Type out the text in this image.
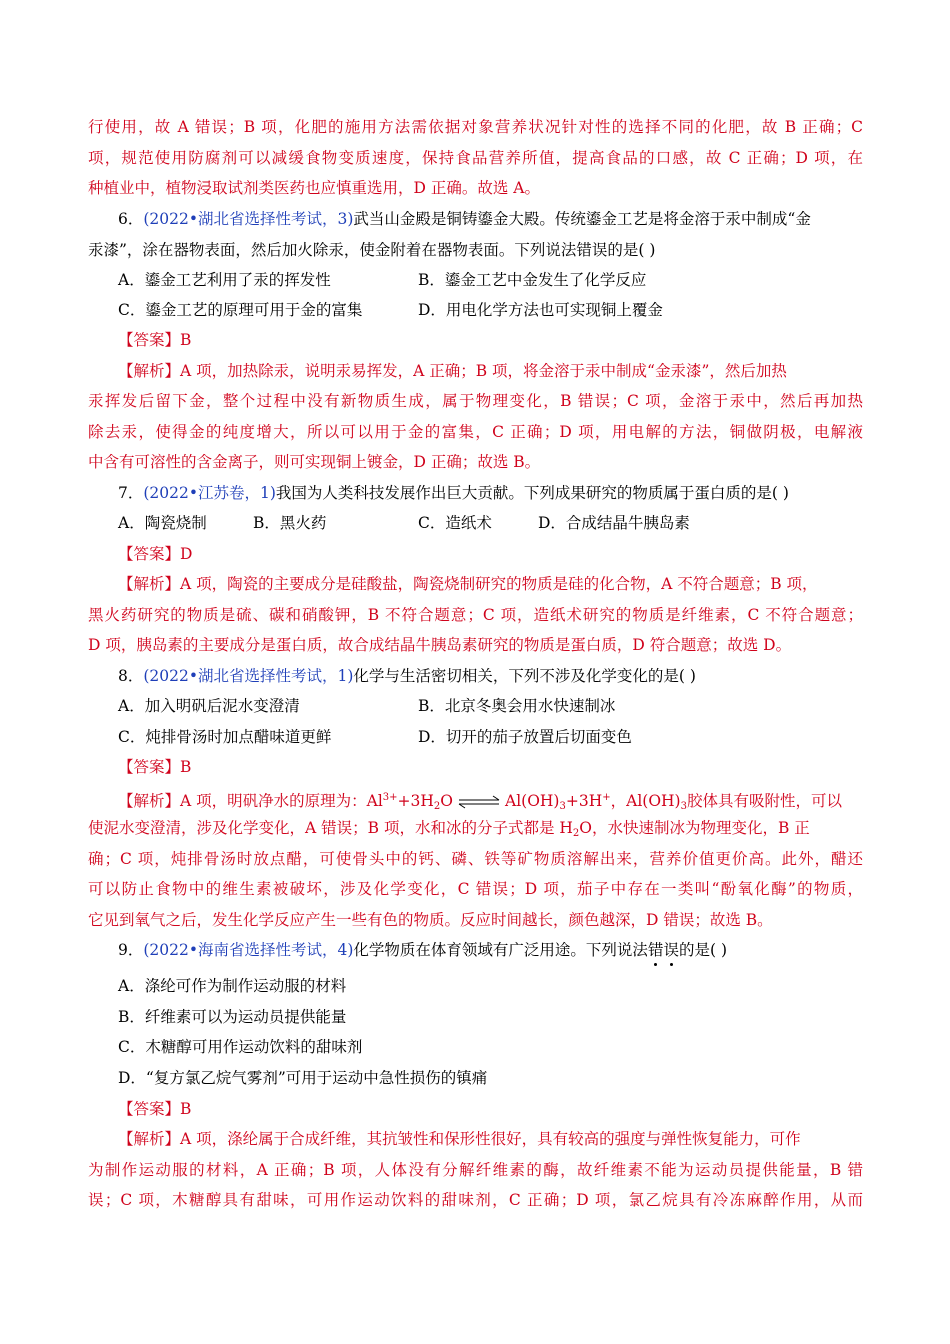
行使用，故 A 错误；B 项，化肥的施用方法需依据对象营养状况针对性的选择不同的化肥，故 B 正确；C
项，规范使用防腐剂可以减缓食物变质速度，保持食品营养所值，提高食品的口感，故 C 正确；D 项，在
种植业中，植物浸取试剂类医药也应慎重选用，D 正确。故选 A。
6．(2022•湖北省选择性考试，3)武当山金殿是铜铸鎏金大殿。传统鎏金工艺是将金溶于汞中制成“金
汞漆”，涂在器物表面，然后加火除汞，使金附着在器物表面。下列说法错误的是( )
A．鎏金工艺利用了汞的挥发性	B．鎏金工艺中金发生了化学反应
C．鎏金工艺的原理可用于金的富集	D．用电化学方法也可实现铜上覆金
【答案】B
【解析】A 项，加热除汞，说明汞易挥发，A 正确；B 项，将金溶于汞中制成“金汞漆”，然后加热
汞挥发后留下金，整个过程中没有新物质生成，属于物理变化，B 错误；C 项，金溶于汞中，然后再加热
除去汞，使得金的纯度增大，所以可以用于金的富集，C 正确；D 项，用电解的方法，铜做阴极，电解液
中含有可溶性的含金离子，则可实现铜上镀金，D 正确；故选 B。
7．(2022•江苏卷，1)我国为人类科技发展作出巨大贡献。下列成果研究的物质属于蛋白质的是( )
A．陶瓷烧制	B．黑火药	C．造纸术	D．合成结晶牛胰岛素
【答案】D
【解析】A 项，陶瓷的主要成分是硅酸盐，陶瓷烧制研究的物质是硅的化合物，A 不符合题意；B 项，
黑火药研究的物质是硫、碳和硝酸钾，B 不符合题意；C 项，造纸术研究的物质是纤维素，C 不符合题意；
D 项，胰岛素的主要成分是蛋白质，故合成结晶牛胰岛素研究的物质是蛋白质，D 符合题意；故选 D。
8．(2022•湖北省选择性考试，1)化学与生活密切相关，下列不涉及化学变化的是( )
A．加入明矾后泥水变澄清	B．北京冬奥会用水快速制冰
C．炖排骨汤时加点醋味道更鲜	D．切开的茄子放置后切面变色
【答案】B
【解析】A 项，明矾净水的原理为：$Al^{3+}+3H_2O$ ⇌ $Al(OH)_3+3H^+$，$Al(OH)_3$胶体具有吸附性，可以
使泥水变澄清，涉及化学变化，A 错误；B 项，水和冰的分子式都是 $H_2O$，水快速制冰为物理变化，B 正
确；C 项，炖排骨汤时放点醋，可使骨头中的钙、磷、铁等矿物质溶解出来，营养价值更价高。此外，醋还
可以防止食物中的维生素被破坏，涉及化学变化，C 错误；D 项，茄子中存在一类叫“酚氧化酶”的物质，
它见到氧气之后，发生化学反应产生一些有色的物质。反应时间越长，颜色越深，D 错误；故选 B。
9．(2022•海南省选择性考试，4)化学物质在体育领域有广泛用途。下列说法错误的是( )
A．涤纶可作为制作运动服的材料
B．纤维素可以为运动员提供能量
C．木糖醇可用作运动饮料的甜味剂
D．“复方氯乙烷气雾剂”可用于运动中急性损伤的镇痛
【答案】B
【解析】A 项，涤纶属于合成纤维，其抗皱性和保形性很好，具有较高的强度与弹性恢复能力，可作
为制作运动服的材料，A 正确；B 项，人体没有分解纤维素的酶，故纤维素不能为运动员提供能量，B 错
误；C 项，木糖醇具有甜味，可用作运动饮料的甜味剂，C 正确；D 项，氯乙烷具有冷冻麻醉作用，从而
